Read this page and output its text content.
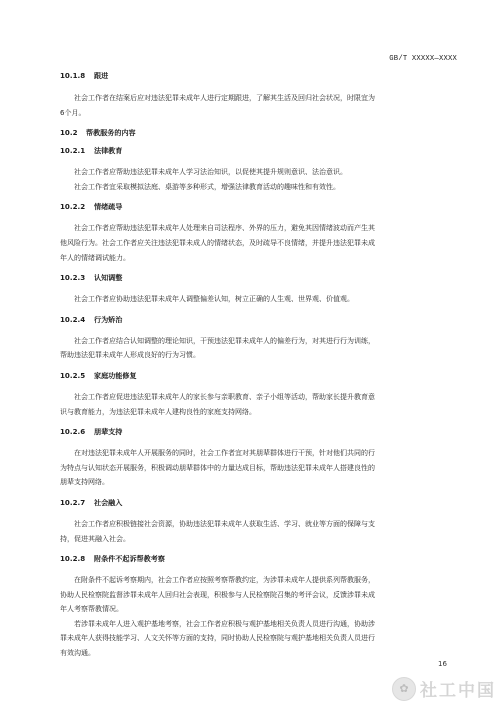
GB/T XXXXX—XXXX

10.1.8 跟进

社会工作者在结案后应对违法犯罪未成年人进行定期跟进，了解其生活及回归社会状况，时限宜为
6个月。

10.2 帮教服务的内容

10.2.1 法律教育

社会工作者应帮助违法犯罪未成年人学习法治知识，以促使其提升规则意识、法治意识。

社会工作者宜采取模拟法庭、桌游等多种形式，增强法律教育活动的趣味性和有效性。

10.2.2 情绪疏导

社会工作者应帮助违法犯罪未成年人处理来自司法程序、外界的压力，避免其因情绪波动而产生其
他风险行为。社会工作者应关注违法犯罪未成人的情绪状态，及时疏导不良情绪，并提升违法犯罪未成
年人的情绪调试能力。

10.2.3 认知调整

社会工作者应协助违法犯罪未成年人调整偏差认知，树立正确的人生观、世界观、价值观。

10.2.4 行为矫治

社会工作者应结合认知调整的理论知识，干预违法犯罪未成年人的偏差行为，对其进行行为训练，
帮助违法犯罪未成年人形成良好的行为习惯。

10.2.5 家庭功能修复

社会工作者应促进违法犯罪未成年人的家长参与亲职教育、亲子小组等活动，帮助家长提升教育意
识与教育能力，为违法犯罪未成年人建构良性的家庭支持网络。

10.2.6 朋辈支持

在对违法犯罪未成年人开展服务的同时，社会工作者宜对其朋辈群体进行干预，针对他们共同的行
为特点与认知状态开展服务，积极调动朋辈群体中的力量达成目标，帮助违法犯罪未成年人搭建良性的
朋辈支持网络。

10.2.7 社会融入

社会工作者应积极链接社会资源，协助违法犯罪未成年人获取生活、学习、就业等方面的保障与支
持，促进其融入社会。

10.2.8 附条件不起诉帮教考察

在附条件不起诉考察期内，社会工作者应按照考察帮教约定，为涉罪未成年人提供系列帮教服务，
协助人民检察院监督涉罪未成年人回归社会表现，积极参与人民检察院召集的考评会议，反馈涉罪未成
年人考察帮教情况。

若涉罪未成年人进入观护基地考察，社会工作者应积极与观护基地相关负责人员进行沟通，协助涉
罪未成年人获得技能学习、人文关怀等方面的支持，同时协助人民检察院与观护基地相关负责人员进行
有效沟通。

16
✿ 社工中国
